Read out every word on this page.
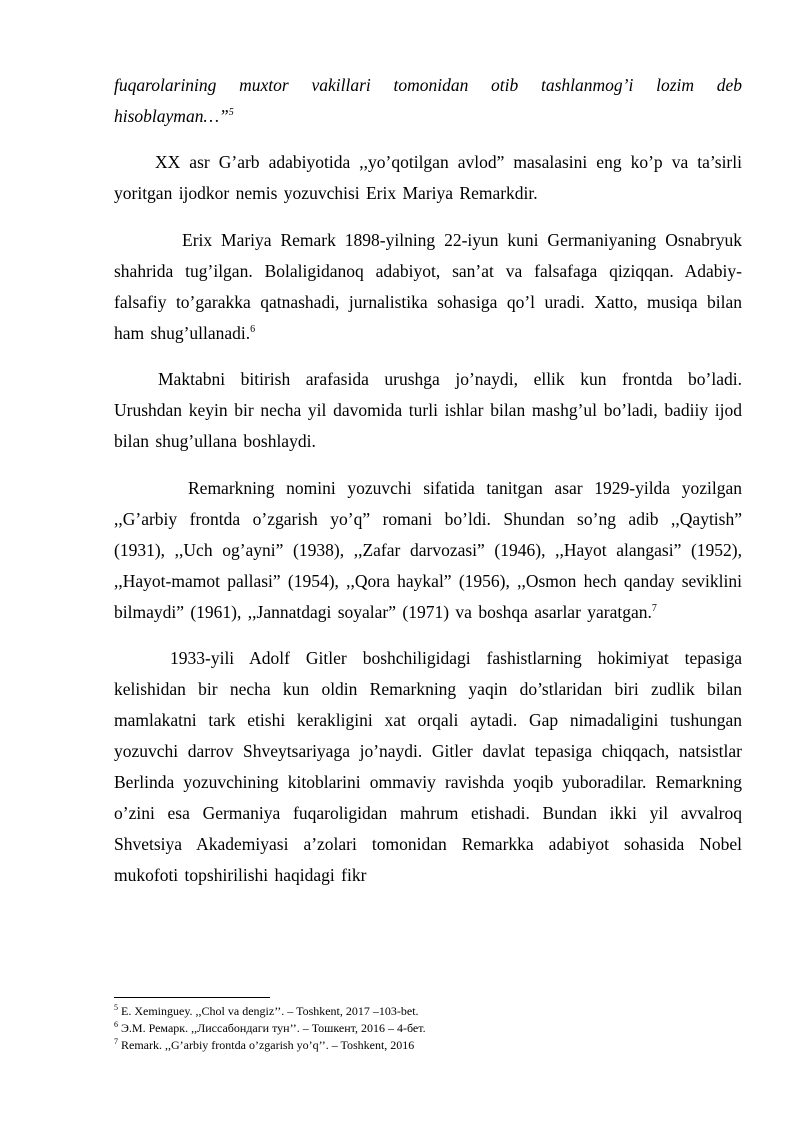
fuqarolarining muxtor vakillari tomonidan otib tashlanmog’i lozim deb hisoblayman…”$^5$

XX asr G’arb adabiyotida ,,yo’qotilgan avlod” masalasini eng ko’p va ta’sirli yoritgan ijodkor nemis yozuvchisi Erix Mariya Remarkdir.

Erix Mariya Remark 1898-yilning 22-iyun kuni Germaniyaning Osnabryuk shahrida tug’ilgan. Bolaligidanoq adabiyot, san’at va falsafaga qiziqqan. Adabiy-falsafiy to’garakka qatnashadi, jurnalistika sohasiga qo’l uradi. Xatto, musiqa bilan ham shug’ullanadi.$^6$

Maktabni bitirish arafasida urushga jo’naydi, ellik kun frontda bo’ladi. Urushdan keyin bir necha yil davomida turli ishlar bilan mashg’ul bo’ladi, badiiy ijod bilan shug’ullana boshlaydi.

Remarkning nomini yozuvchi sifatida tanitgan asar 1929-yilda yozilgan ,,G’arbiy frontda o’zgarish yo’q” romani bo’ldi. Shundan so’ng adib ,,Qaytish” (1931), ,,Uch og’ayni” (1938), ,,Zafar darvozasi” (1946), ,,Hayot alangasi” (1952), ,,Hayot-mamot pallasi” (1954), ,,Qora haykal” (1956), ,,Osmon hech qanday seviklini bilmaydi” (1961), ,,Jannatdagi soyalar” (1971) va boshqa asarlar yaratgan.$^7$

1933-yili Adolf Gitler boshchiligidagi fashistlarning hokimiyat tepasiga kelishidan bir necha kun oldin Remarkning yaqin do’stlaridan biri zudlik bilan mamlakatni tark etishi kerakligini xat orqali aytadi. Gap nimadaligini tushungan yozuvchi darrov Shveytsariyaga jo’naydi. Gitler davlat tepasiga chiqqach, natsistlar Berlinda yozuvchining kitoblarini ommaviy ravishda yoqib yuboradilar. Remarkning o’zini esa Germaniya fuqaroligidan mahrum etishadi. Bundan ikki yil avvalroq Shvetsiya Akademiyasi a’zolari tomonidan Remarkka adabiyot sohasida Nobel mukofoti topshirilishi haqidagi fikr

$^5$ E. Xeminguey. ,,Chol va dengiz’’. – Toshkent, 2017 –103-bet.
$^6$ Э.М. Ремарк. ,,Лиссабондаги тун’’. – Тошкент, 2016 – 4-бет.
$^7$ Remark. ,,G’arbiy frontda o’zgarish yo’q’’. – Toshkent, 2016
